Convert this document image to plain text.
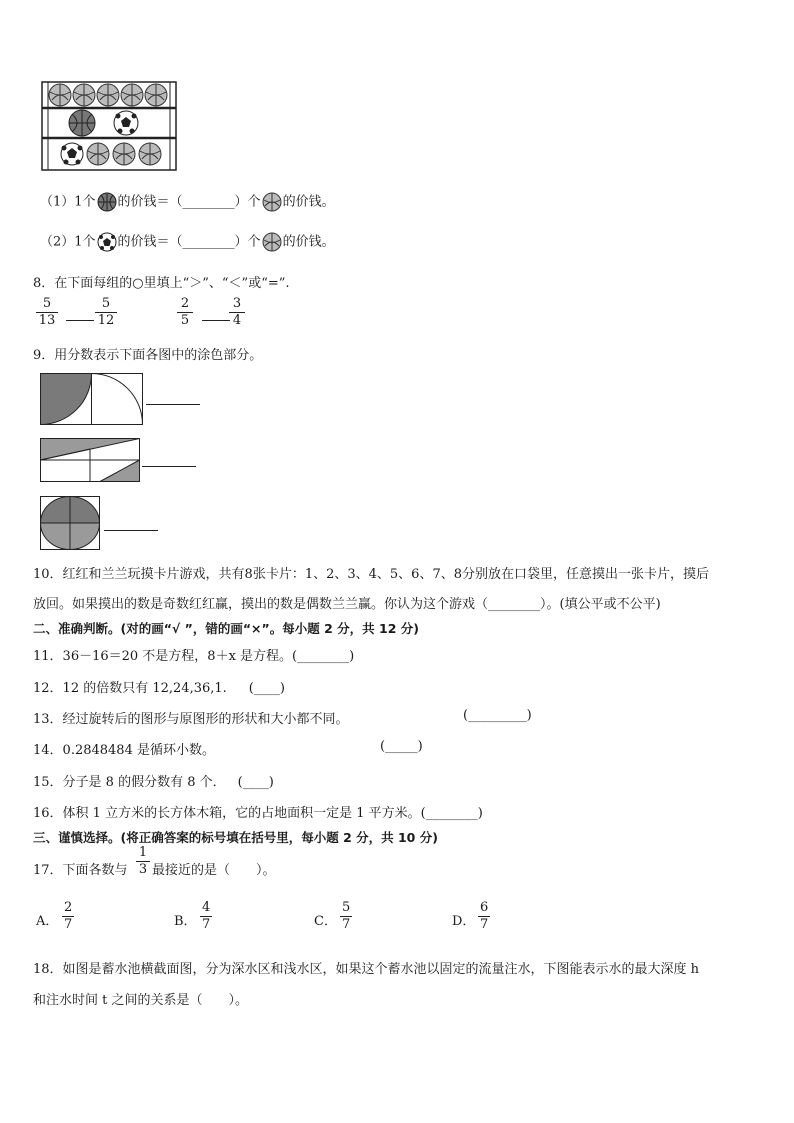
（1）1个 的价钱＝（________）个 的价钱。
（2）1个 的价钱＝（________）个 的价钱。
8．在下面每组的○里填上“＞”、“＜”或“=”.
5
13
5
12
2
5
3
4
9．用分数表示下面各图中的涂色部分。
10．红红和兰兰玩摸卡片游戏，共有8张卡片：1、2、3、4、5、6、7、8分别放在口袋里，任意摸出一张卡片，摸后
放回。如果摸出的数是奇数红红赢，摸出的数是偶数兰兰赢。你认为这个游戏（________）。(填公平或不公平)
二、准确判断。(对的画“√ ”，错的画“×”。每小题 2 分，共 12 分)
11．36－16＝20 不是方程，8＋x 是方程。(________)
12．12 的倍数只有 12,24,36,1. (____)
13．经过旋转后的图形与原图形的形状和大小都不同。	(_________)
14．0.2848484 是循环小数。	(_____)
15．分子是 8 的假分数有 8 个． (____)
16．体积 1 立方米的长方体木箱，它的占地面积一定是 1 平方米。(________)
三、谨慎选择。(将正确答案的标号填在括号里，每小题 2 分，共 10 分)
17．下面各数与
1
3 最接近的是（　　）。
A．
2
7	B．
4
7	C．
5
7	D．
6
7
18．如图是蓄水池横截面图，分为深水区和浅水区，如果这个蓄水池以固定的流量注水，下图能表示水的最大深度 h
和注水时间 t 之间的关系是（　　）。
